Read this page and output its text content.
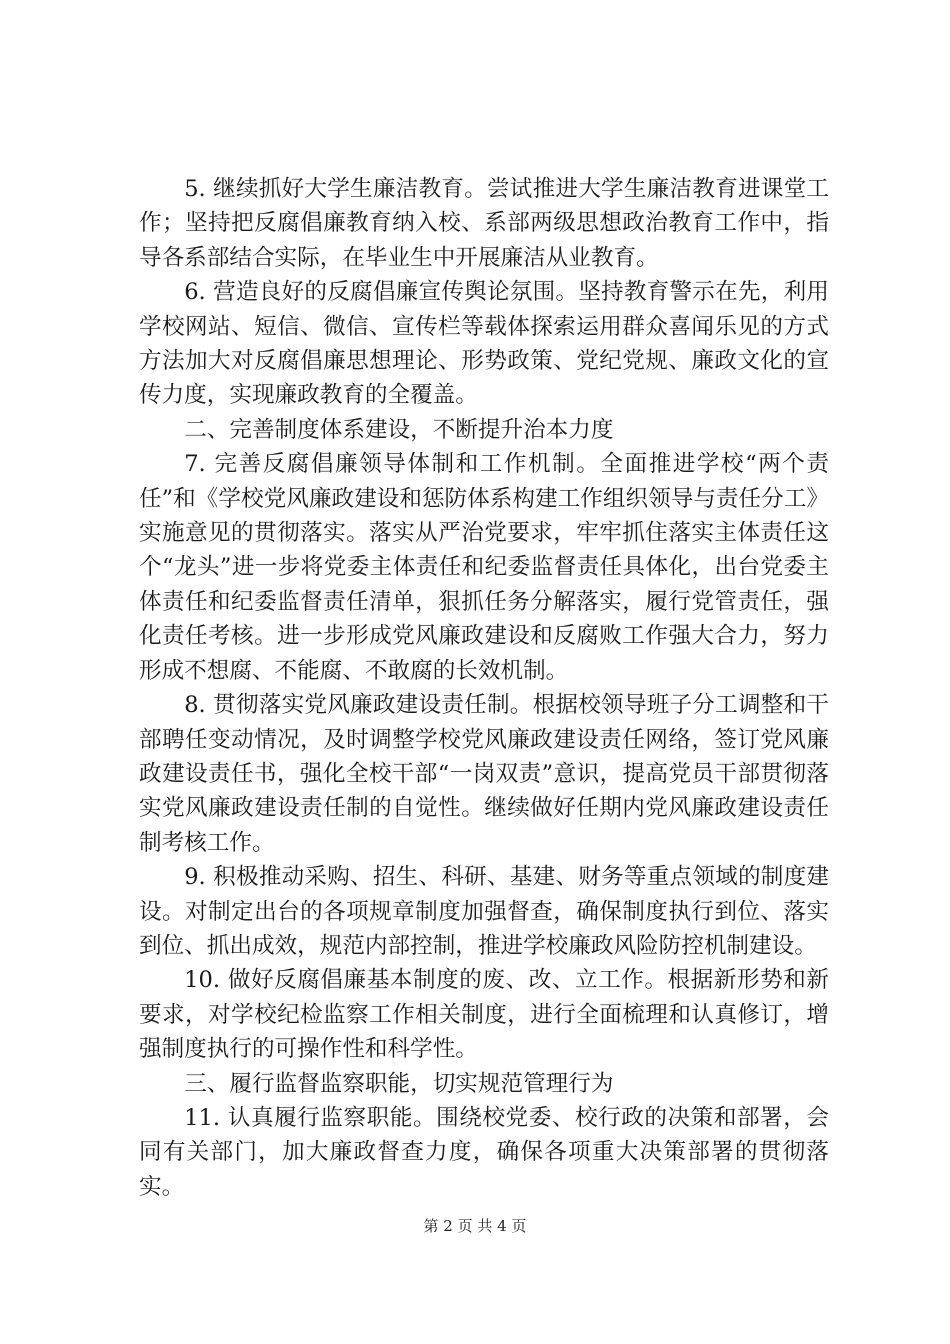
5. 继续抓好大学生廉洁教育。尝试推进大学生廉洁教育进课堂工作；坚持把反腐倡廉教育纳入校、系部两级思想政治教育工作中，指导各系部结合实际，在毕业生中开展廉洁从业教育。

6. 营造良好的反腐倡廉宣传舆论氛围。坚持教育警示在先，利用学校网站、短信、微信、宣传栏等载体探索运用群众喜闻乐见的方式方法加大对反腐倡廉思想理论、形势政策、党纪党规、廉政文化的宣传力度，实现廉政教育的全覆盖。

二、完善制度体系建设，不断提升治本力度

7. 完善反腐倡廉领导体制和工作机制。全面推进学校“两个责任”和《学校党风廉政建设和惩防体系构建工作组织领导与责任分工》实施意见的贯彻落实。落实从严治党要求，牢牢抓住落实主体责任这个“龙头”进一步将党委主体责任和纪委监督责任具体化，出台党委主体责任和纪委监督责任清单，狠抓任务分解落实，履行党管责任，强化责任考核。进一步形成党风廉政建设和反腐败工作强大合力，努力形成不想腐、不能腐、不敢腐的长效机制。

8. 贯彻落实党风廉政建设责任制。根据校领导班子分工调整和干部聘任变动情况，及时调整学校党风廉政建设责任网络，签订党风廉政建设责任书，强化全校干部“一岗双责”意识，提高党员干部贯彻落实党风廉政建设责任制的自觉性。继续做好任期内党风廉政建设责任制考核工作。

9. 积极推动采购、招生、科研、基建、财务等重点领域的制度建设。对制定出台的各项规章制度加强督查，确保制度执行到位、落实到位、抓出成效，规范内部控制，推进学校廉政风险防控机制建设。

10. 做好反腐倡廉基本制度的废、改、立工作。根据新形势和新要求，对学校纪检监察工作相关制度，进行全面梳理和认真修订，增强制度执行的可操作性和科学性。

三、履行监督监察职能，切实规范管理行为

11. 认真履行监察职能。围绕校党委、校行政的决策和部署，会同有关部门，加大廉政督查力度，确保各项重大决策部署的贯彻落实。

第 2 页 共 4 页
